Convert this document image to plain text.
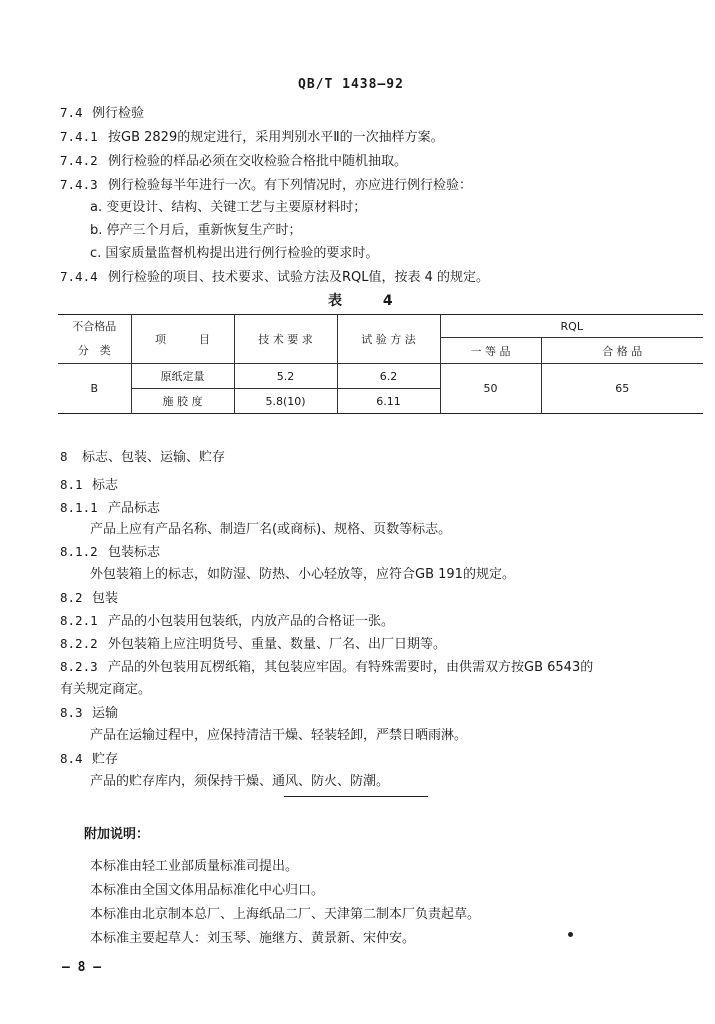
QB/T 1438—92
7.4 例行检验
7.4.1 按GB 2829的规定进行，采用判别水平Ⅱ的一次抽样方案。
7.4.2 例行检验的样品必须在交收检验合格批中随机抽取。
7.4.3 例行检验每半年进行一次。有下列情况时，亦应进行例行检验：
a. 变更设计、结构、关键工艺与主要原材料时；
b. 停产三个月后，重新恢复生产时；
c. 国家质量监督机构提出进行例行检验的要求时。
7.4.4 例行检验的项目、技术要求、试验方法及RQL值，按表 4 的规定。
表 4
不合格品	项　　　目	技 术 要 求	试 验 方 法	RQL	
分　类				一 等 品	合 格 品
B	原纸定量	5.2	6.2	50	65
	施 胶 度	5.8(10)	6.11		
8 标志、包装、运输、贮存
8.1 标志
8.1.1 产品标志
产品上应有产品名称、制造厂名(或商标)、规格、页数等标志。
8.1.2 包装标志
外包装箱上的标志，如防湿、防热、小心轻放等，应符合GB 191的规定。
8.2 包装
8.2.1 产品的小包装用包装纸，内放产品的合格证一张。
8.2.2 外包装箱上应注明货号、重量、数量、厂名、出厂日期等。
8.2.3 产品的外包装用瓦楞纸箱，其包装应牢固。有特殊需要时，由供需双方按GB 6543的
有关规定商定。
8.3 运输
产品在运输过程中，应保持清洁干燥、轻装轻卸，严禁日晒雨淋。
8.4 贮存
产品的贮存库内，须保持干燥、通风、防火、防潮。
附加说明：
本标准由轻工业部质量标准司提出。
本标准由全国文体用品标准化中心归口。
本标准由北京制本总厂、上海纸品二厂、天津第二制本厂负责起草。
本标准主要起草人：刘玉琴、施继方、黄景新、宋仲安。
— 8 —
